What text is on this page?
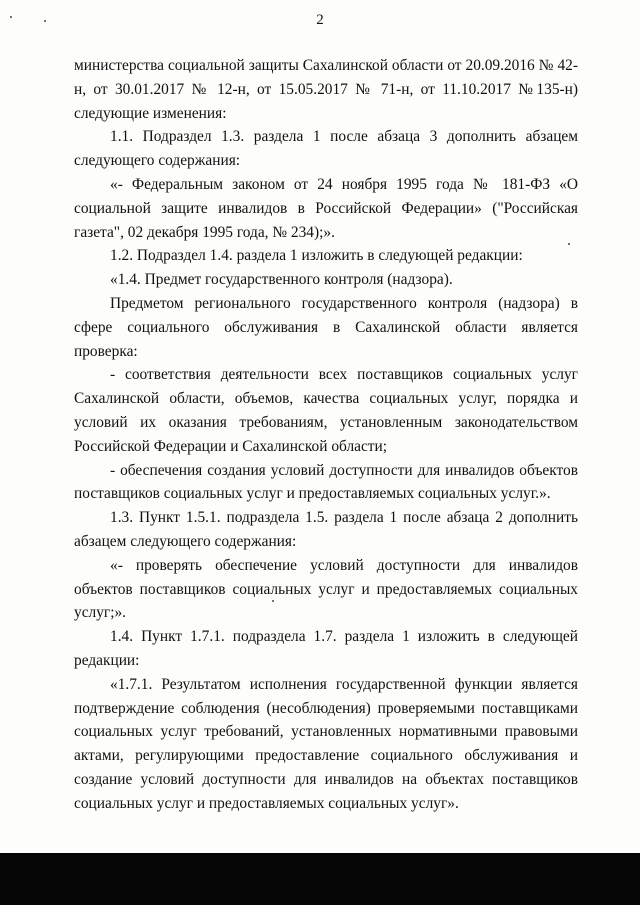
2

министерства социальной защиты Сахалинской области от 20.09.2016 № 42-н, от 30.01.2017 № 12-н, от 15.05.2017 № 71-н, от 11.10.2017 №135-н) следующие изменения:

1.1. Подраздел 1.3. раздела 1 после абзаца 3 дополнить абзацем следующего содержания:

«- Федеральным законом от 24 ноября 1995 года № 181-ФЗ «О социальной защите инвалидов в Российской Федерации» ("Российская газета", 02 декабря 1995 года, № 234);».

1.2. Подраздел 1.4. раздела 1 изложить в следующей редакции:

«1.4. Предмет государственного контроля (надзора).

Предметом регионального государственного контроля (надзора) в сфере социального обслуживания в Сахалинской области является проверка:

- соответствия деятельности всех поставщиков социальных услуг Сахалинской области, объемов, качества социальных услуг, порядка и условий их оказания требованиям, установленным законодательством Российской Федерации и Сахалинской области;

- обеспечения создания условий доступности для инвалидов объектов поставщиков социальных услуг и предоставляемых социальных услуг.».

1.3. Пункт 1.5.1. подраздела 1.5. раздела 1 после абзаца 2 дополнить абзацем следующего содержания:

«- проверять обеспечение условий доступности для инвалидов объектов поставщиков социальных услуг и предоставляемых социальных услуг;».

1.4. Пункт 1.7.1. подраздела 1.7. раздела 1 изложить в следующей редакции:

«1.7.1. Результатом исполнения государственной функции является подтверждение соблюдения (несоблюдения) проверяемыми поставщиками социальных услуг требований, установленных нормативными правовыми актами, регулирующими предоставление социального обслуживания и создание условий доступности для инвалидов на объектах поставщиков социальных услуг и предоставляемых социальных услуг».
